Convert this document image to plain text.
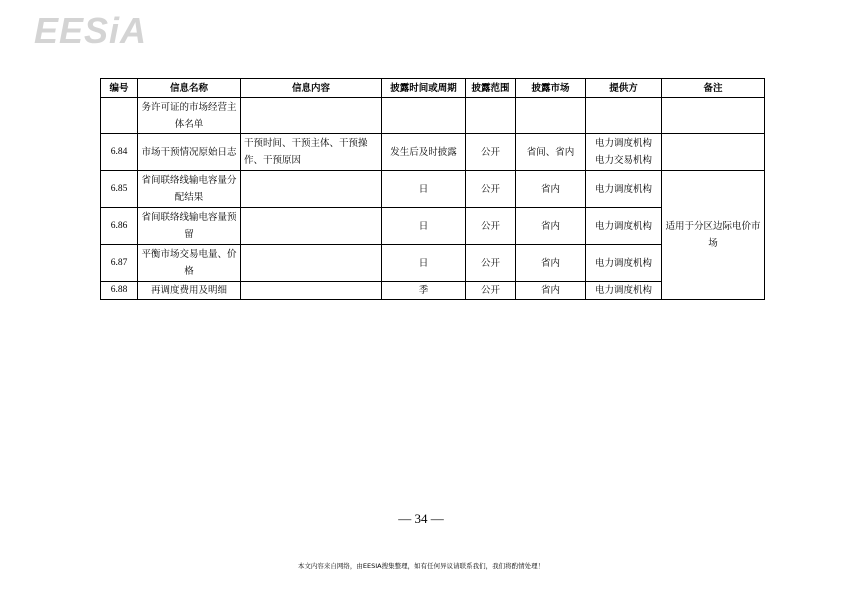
EESiA
编号	信息名称	信息内容	披露时间或周期	披露范围	披露市场	提供方	备注
	务许可证的市场经营主体名单						
6.84	市场干预情况原始日志	干预时间、干预主体、干预操作、干预原因	发生后及时披露	公开	省间、省内	电力调度机构 电力交易机构	
6.85	省间联络线输电容量分配结果		日	公开	省内	电力调度机构	适用于分区边际电价市场
6.86	省间联络线输电容量预留		日	公开	省内	电力调度机构	
6.87	平衡市场交易电量、价格		日	公开	省内	电力调度机构	
6.88	再调度费用及明细		季	公开	省内	电力调度机构	
— 34 —
本文内容来自网络，由EESIA搜集整理，如有任何异议请联系我们，我们将酌情处理！
